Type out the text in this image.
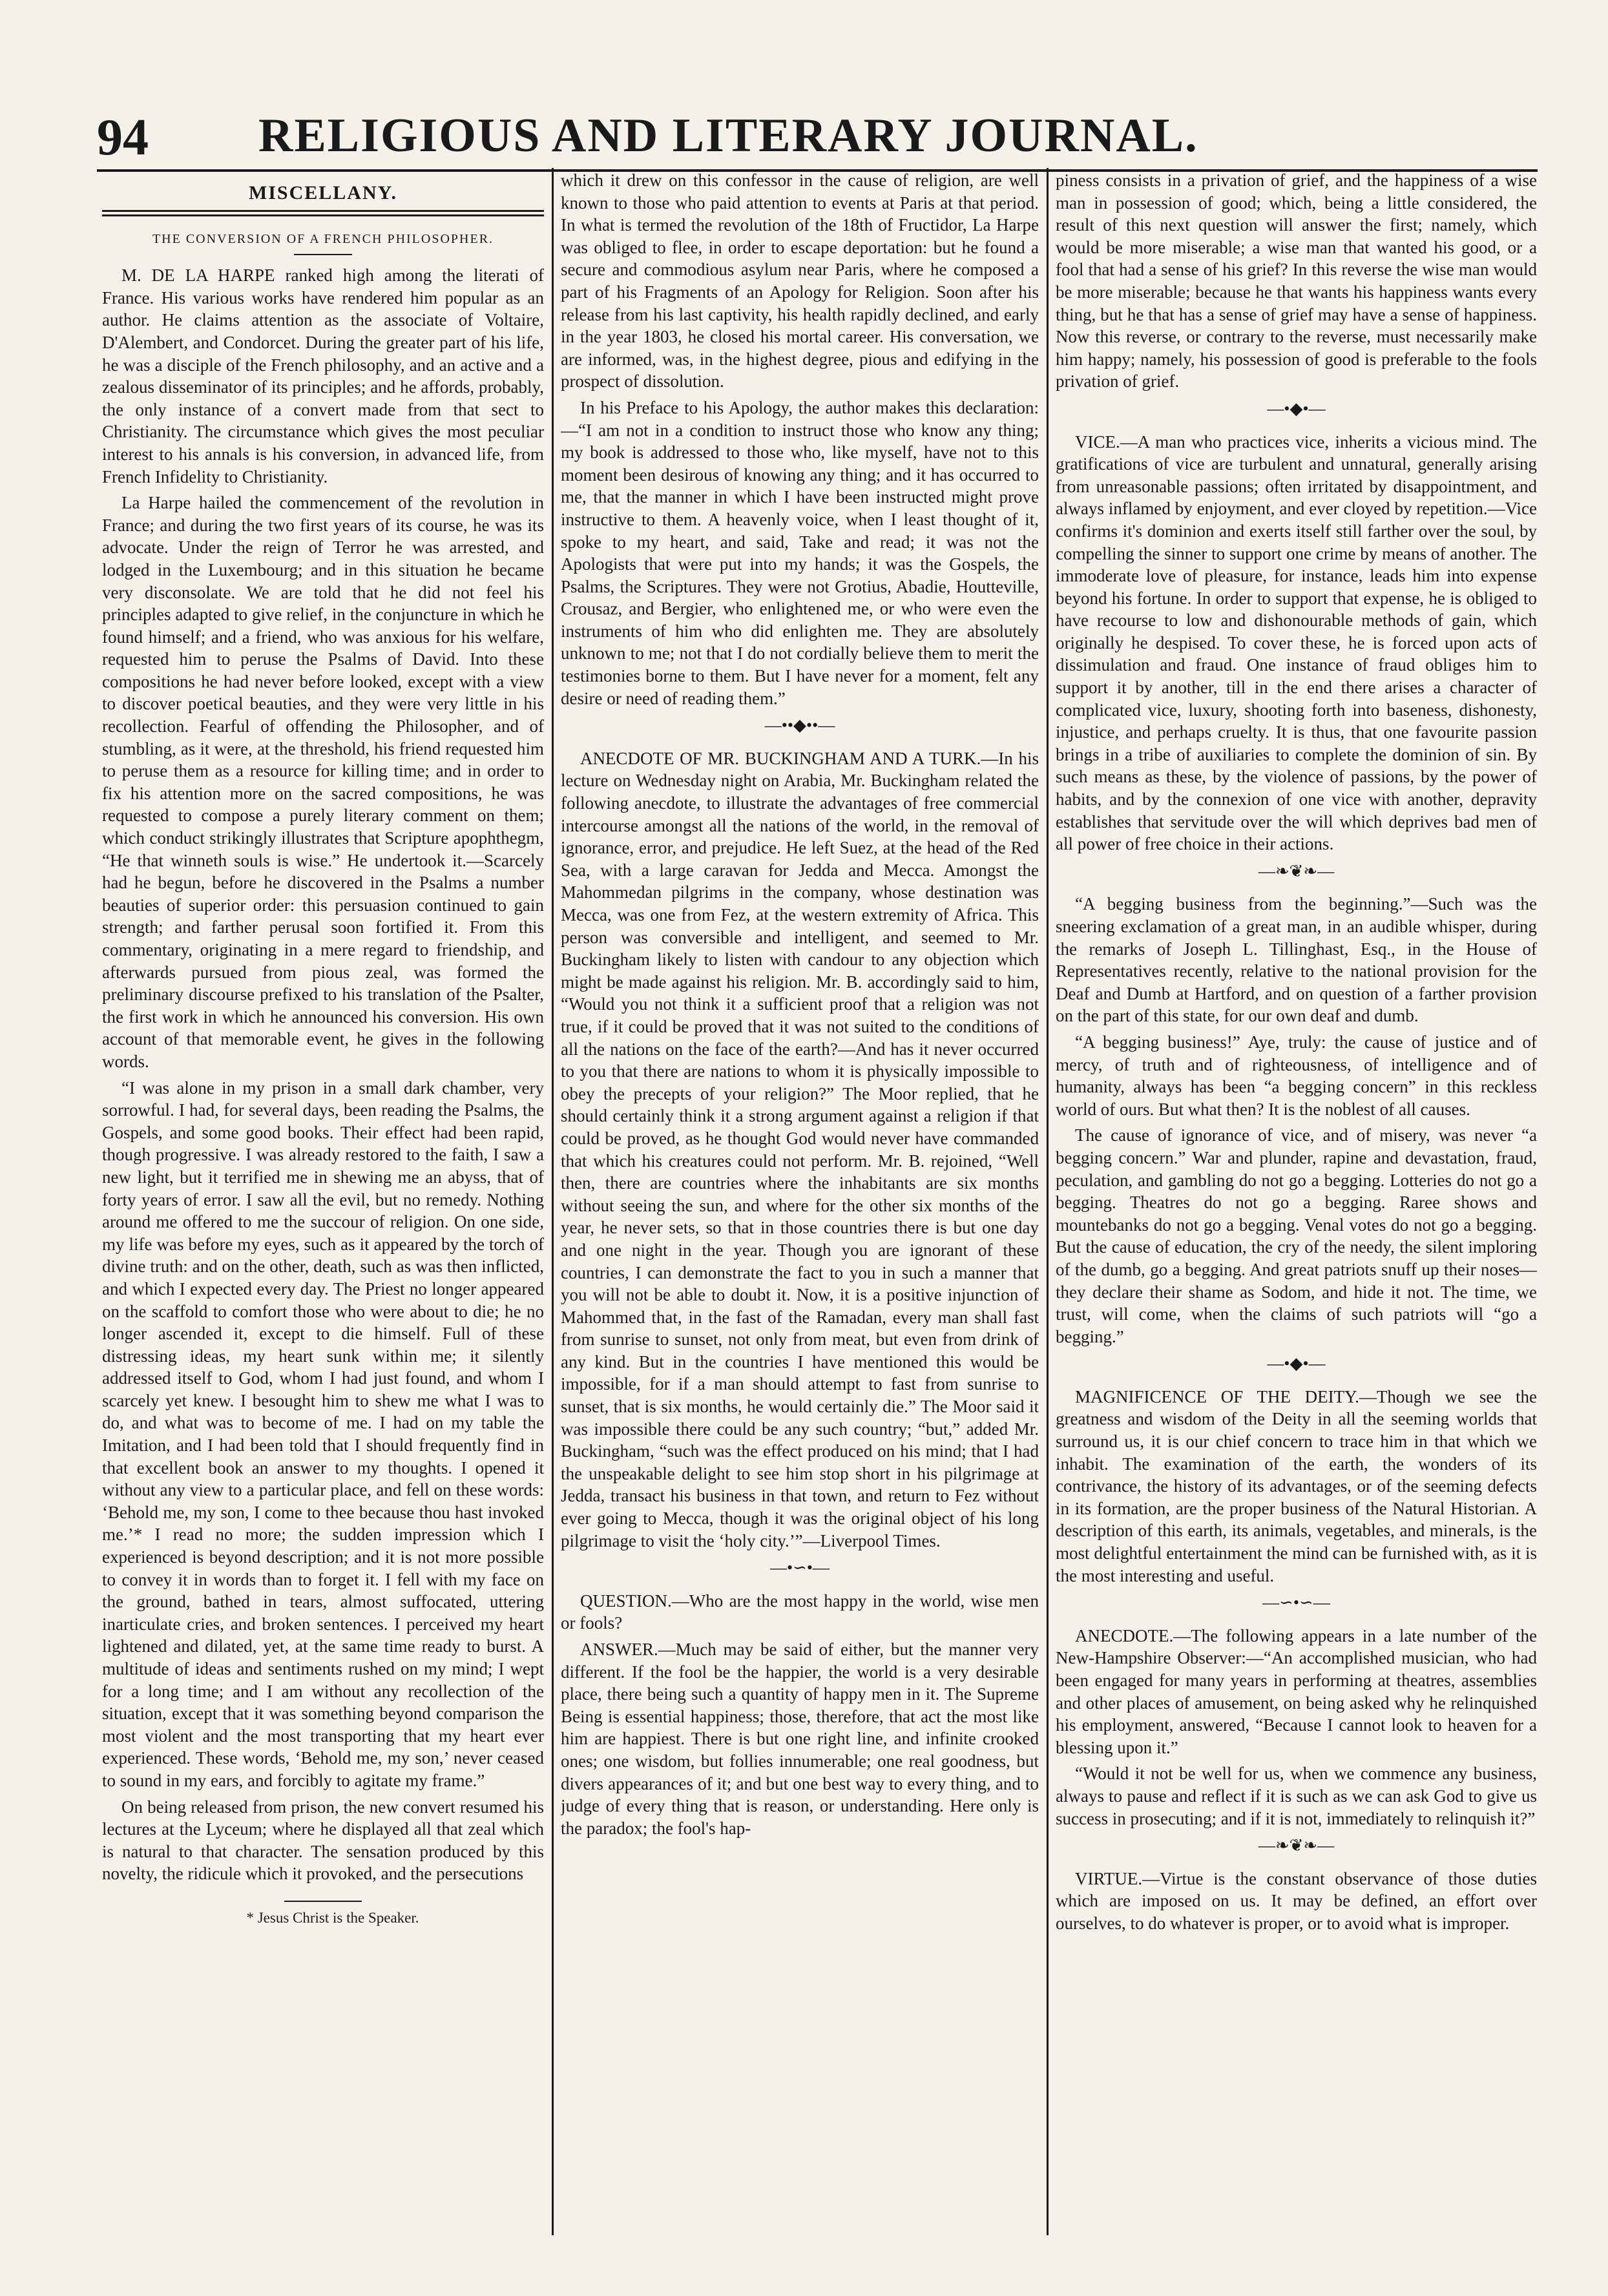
94 RELIGIOUS AND LITERARY JOURNAL.
MISCELLANY.
THE CONVERSION OF A FRENCH PHILOSOPHER.

M. DE LA HARPE ranked high among the literati of France. His various works have rendered him popular as an author. He claims attention as the associate of Voltaire, D'Alembert, and Condorcet. During the greater part of his life, he was a disciple of the French philosophy, and an active and a zealous disseminator of its principles; and he affords, probably, the only instance of a convert made from that sect to Christianity. The circumstance which gives the most peculiar interest to his annals is his conversion, in advanced life, from French Infidelity to Christianity.

La Harpe hailed the commencement of the revolution in France; and during the two first years of its course, he was its advocate. Under the reign of Terror he was arrested, and lodged in the Luxembourg; and in this situation he became very disconsolate. We are told that he did not feel his principles adapted to give relief, in the conjuncture in which he found himself; and a friend, who was anxious for his welfare, requested him to peruse the Psalms of David. Into these compositions he had never before looked, except with a view to discover poetical beauties, and they were very little in his recollection. Fearful of offending the Philosopher, and of stumbling, as it were, at the threshold, his friend requested him to peruse them as a resource for killing time; and in order to fix his attention more on the sacred compositions, he was requested to compose a purely literary comment on them; which conduct strikingly illustrates that Scripture apophthegm, “He that winneth souls is wise.” He undertook it.—Scarcely had he begun, before he discovered in the Psalms a number beauties of superior order: this persuasion continued to gain strength; and farther perusal soon fortified it. From this commentary, originating in a mere regard to friendship, and afterwards pursued from pious zeal, was formed the preliminary discourse prefixed to his translation of the Psalter, the first work in which he announced his conversion. His own account of that memorable event, he gives in the following words.

“I was alone in my prison in a small dark chamber, very sorrowful. I had, for several days, been reading the Psalms, the Gospels, and some good books. Their effect had been rapid, though progressive. I was already restored to the faith, I saw a new light, but it terrified me in shewing me an abyss, that of forty years of error. I saw all the evil, but no remedy. Nothing around me offered to me the succour of religion. On one side, my life was before my eyes, such as it appeared by the torch of divine truth: and on the other, death, such as was then inflicted, and which I expected every day. The Priest no longer appeared on the scaffold to comfort those who were about to die; he no longer ascended it, except to die himself. Full of these distressing ideas, my heart sunk within me; it silently addressed itself to God, whom I had just found, and whom I scarcely yet knew. I besought him to shew me what I was to do, and what was to become of me. I had on my table the Imitation, and I had been told that I should frequently find in that excellent book an answer to my thoughts. I opened it without any view to a particular place, and fell on these words: ‘Behold me, my son, I come to thee because thou hast invoked me.’* I read no more; the sudden impression which I experienced is beyond description; and it is not more possible to convey it in words than to forget it. I fell with my face on the ground, bathed in tears, almost suffocated, uttering inarticulate cries, and broken sentences. I perceived my heart lightened and dilated, yet, at the same time ready to burst. A multitude of ideas and sentiments rushed on my mind; I wept for a long time; and I am without any recollection of the situation, except that it was something beyond comparison the most violent and the most transporting that my heart ever experienced. These words, ‘Behold me, my son,’ never ceased to sound in my ears, and forcibly to agitate my frame.”

On being released from prison, the new convert resumed his lectures at the Lyceum; where he displayed all that zeal which is natural to that character. The sensation produced by this novelty, the ridicule which it provoked, and the persecutions

* Jesus Christ is the Speaker.

which it drew on this confessor in the cause of religion, are well known to those who paid attention to events at Paris at that period. In what is termed the revolution of the 18th of Fructidor, La Harpe was obliged to flee, in order to escape deportation: but he found a secure and commodious asylum near Paris, where he composed a part of his Fragments of an Apology for Religion. Soon after his release from his last captivity, his health rapidly declined, and early in the year 1803, he closed his mortal career. His conversation, we are informed, was, in the highest degree, pious and edifying in the prospect of dissolution.

In his Preface to his Apology, the author makes this declaration:—“I am not in a condition to instruct those who know any thing; my book is addressed to those who, like myself, have not to this moment been desirous of knowing any thing; and it has occurred to me, that the manner in which I have been instructed might prove instructive to them. A heavenly voice, when I least thought of it, spoke to my heart, and said, Take and read; it was not the Apologists that were put into my hands; it was the Gospels, the Psalms, the Scriptures. They were not Grotius, Abadie, Houtteville, Crousaz, and Bergier, who enlightened me, or who were even the instruments of him who did enlighten me. They are absolutely unknown to me; not that I do not cordially believe them to merit the testimonies borne to them. But I have never for a moment, felt any desire or need of reading them.”

—••◆••—

ANECDOTE OF MR. BUCKINGHAM AND A TURK.—In his lecture on Wednesday night on Arabia, Mr. Buckingham related the following anecdote, to illustrate the advantages of free commercial intercourse amongst all the nations of the world, in the removal of ignorance, error, and prejudice. He left Suez, at the head of the Red Sea, with a large caravan for Jedda and Mecca. Amongst the Mahommedan pilgrims in the company, whose destination was Mecca, was one from Fez, at the western extremity of Africa. This person was conversible and intelligent, and seemed to Mr. Buckingham likely to listen with candour to any objection which might be made against his religion. Mr. B. accordingly said to him, “Would you not think it a sufficient proof that a religion was not true, if it could be proved that it was not suited to the conditions of all the nations on the face of the earth?—And has it never occurred to you that there are nations to whom it is physically impossible to obey the precepts of your religion?” The Moor replied, that he should certainly think it a strong argument against a religion if that could be proved, as he thought God would never have commanded that which his creatures could not perform. Mr. B. rejoined, “Well then, there are countries where the inhabitants are six months without seeing the sun, and where for the other six months of the year, he never sets, so that in those countries there is but one day and one night in the year. Though you are ignorant of these countries, I can demonstrate the fact to you in such a manner that you will not be able to doubt it. Now, it is a positive injunction of Mahommed that, in the fast of the Ramadan, every man shall fast from sunrise to sunset, not only from meat, but even from drink of any kind. But in the countries I have mentioned this would be impossible, for if a man should attempt to fast from sunrise to sunset, that is six months, he would certainly die.” The Moor said it was impossible there could be any such country; “but,” added Mr. Buckingham, “such was the effect produced on his mind; that I had the unspeakable delight to see him stop short in his pilgrimage at Jedda, transact his business in that town, and return to Fez without ever going to Mecca, though it was the original object of his long pilgrimage to visit the ‘holy city.’”—Liverpool Times.

—•∽•—

QUESTION.—Who are the most happy in the world, wise men or fools?

ANSWER.—Much may be said of either, but the manner very different. If the fool be the happier, the world is a very desirable place, there being such a quantity of happy men in it. The Supreme Being is essential happiness; those, therefore, that act the most like him are happiest. There is but one right line, and infinite crooked ones; one wisdom, but follies innumerable; one real goodness, but divers appearances of it; and but one best way to every thing, and to judge of every thing that is reason, or understanding. Here only is the paradox; the fool's hap-

piness consists in a privation of grief, and the happiness of a wise man in possession of good; which, being a little considered, the result of this next question will answer the first; namely, which would be more miserable; a wise man that wanted his good, or a fool that had a sense of his grief? In this reverse the wise man would be more miserable; because he that wants his happiness wants every thing, but he that has a sense of grief may have a sense of happiness. Now this reverse, or contrary to the reverse, must necessarily make him happy; namely, his possession of good is preferable to the fools privation of grief.

—•◆•—

VICE.—A man who practices vice, inherits a vicious mind. The gratifications of vice are turbulent and unnatural, generally arising from unreasonable passions; often irritated by disappointment, and always inflamed by enjoyment, and ever cloyed by repetition.—Vice confirms it's dominion and exerts itself still farther over the soul, by compelling the sinner to support one crime by means of another. The immoderate love of pleasure, for instance, leads him into expense beyond his fortune. In order to support that expense, he is obliged to have recourse to low and dishonourable methods of gain, which originally he despised. To cover these, he is forced upon acts of dissimulation and fraud. One instance of fraud obliges him to support it by another, till in the end there arises a character of complicated vice, luxury, shooting forth into baseness, dishonesty, injustice, and perhaps cruelty. It is thus, that one favourite passion brings in a tribe of auxiliaries to complete the dominion of sin. By such means as these, by the violence of passions, by the power of habits, and by the connexion of one vice with another, depravity establishes that servitude over the will which deprives bad men of all power of free choice in their actions.

—❧❦❧—

“A begging business from the beginning.”—Such was the sneering exclamation of a great man, in an audible whisper, during the remarks of Joseph L. Tillinghast, Esq., in the House of Representatives recently, relative to the national provision for the Deaf and Dumb at Hartford, and on question of a farther provision on the part of this state, for our own deaf and dumb.

“A begging business!” Aye, truly: the cause of justice and of mercy, of truth and of righteousness, of intelligence and of humanity, always has been “a begging concern” in this reckless world of ours. But what then? It is the noblest of all causes.

The cause of ignorance of vice, and of misery, was never “a begging concern.” War and plunder, rapine and devastation, fraud, peculation, and gambling do not go a begging. Lotteries do not go a begging. Theatres do not go a begging. Raree shows and mountebanks do not go a begging. Venal votes do not go a begging. But the cause of education, the cry of the needy, the silent imploring of the dumb, go a begging. And great patriots snuff up their noses—they declare their shame as Sodom, and hide it not. The time, we trust, will come, when the claims of such patriots will “go a begging.”

—•◆•—

MAGNIFICENCE OF THE DEITY.—Though we see the greatness and wisdom of the Deity in all the seeming worlds that surround us, it is our chief concern to trace him in that which we inhabit. The examination of the earth, the wonders of its contrivance, the history of its advantages, or of the seeming defects in its formation, are the proper business of the Natural Historian. A description of this earth, its animals, vegetables, and minerals, is the most delightful entertainment the mind can be furnished with, as it is the most interesting and useful.

—∽•∽—

ANECDOTE.—The following appears in a late number of the New-Hampshire Observer:—“An accomplished musician, who had been engaged for many years in performing at theatres, assemblies and other places of amusement, on being asked why he relinquished his employment, answered, “Because I cannot look to heaven for a blessing upon it.”

“Would it not be well for us, when we commence any business, always to pause and reflect if it is such as we can ask God to give us success in prosecuting; and if it is not, immediately to relinquish it?”

—❧❦❧—

VIRTUE.—Virtue is the constant observance of those duties which are imposed on us. It may be defined, an effort over ourselves, to do whatever is proper, or to avoid what is improper.
